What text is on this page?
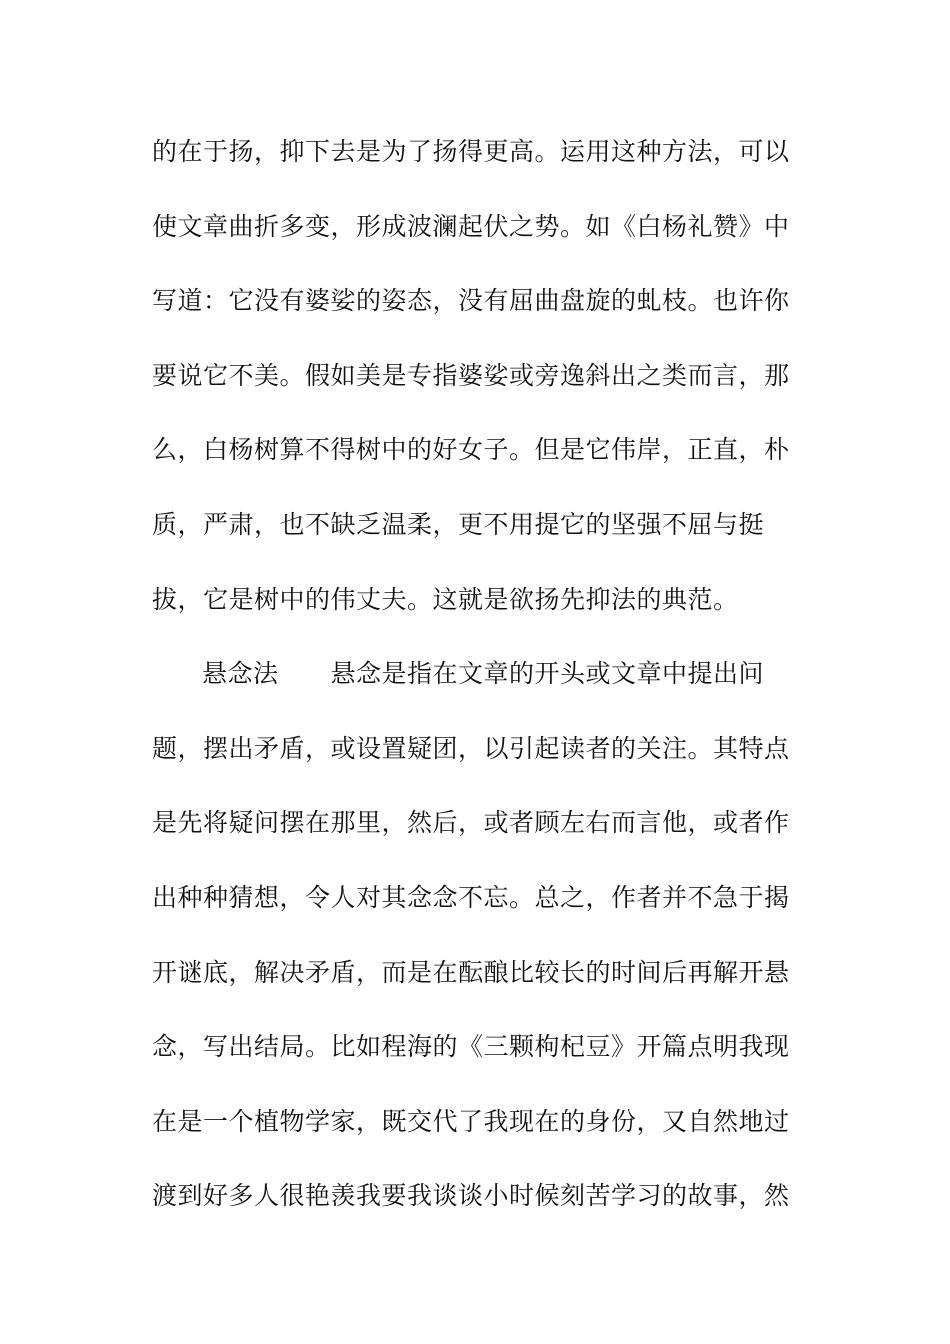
的在于扬，抑下去是为了扬得更高。运用这种方法，可以
使文章曲折多变，形成波澜起伏之势。如《白杨礼赞》中
写道：它没有婆娑的姿态，没有屈曲盘旋的虬枝。也许你
要说它不美。假如美是专指婆娑或旁逸斜出之类而言，那
么，白杨树算不得树中的好女子。但是它伟岸，正直，朴
质，严肃，也不缺乏温柔，更不用提它的坚强不屈与挺
拔，它是树中的伟丈夫。这就是欲扬先抑法的典范。
悬念法 悬念是指在文章的开头或文章中提出问
题，摆出矛盾，或设置疑团，以引起读者的关注。其特点
是先将疑问摆在那里，然后，或者顾左右而言他，或者作
出种种猜想，令人对其念念不忘。总之，作者并不急于揭
开谜底，解决矛盾，而是在酝酿比较长的时间后再解开悬
念，写出结局。比如程海的《三颗枸杞豆》开篇点明我现
在是一个植物学家，既交代了我现在的身份，又自然地过
渡到好多人很艳羡我要我谈谈小时候刻苦学习的故事，然
